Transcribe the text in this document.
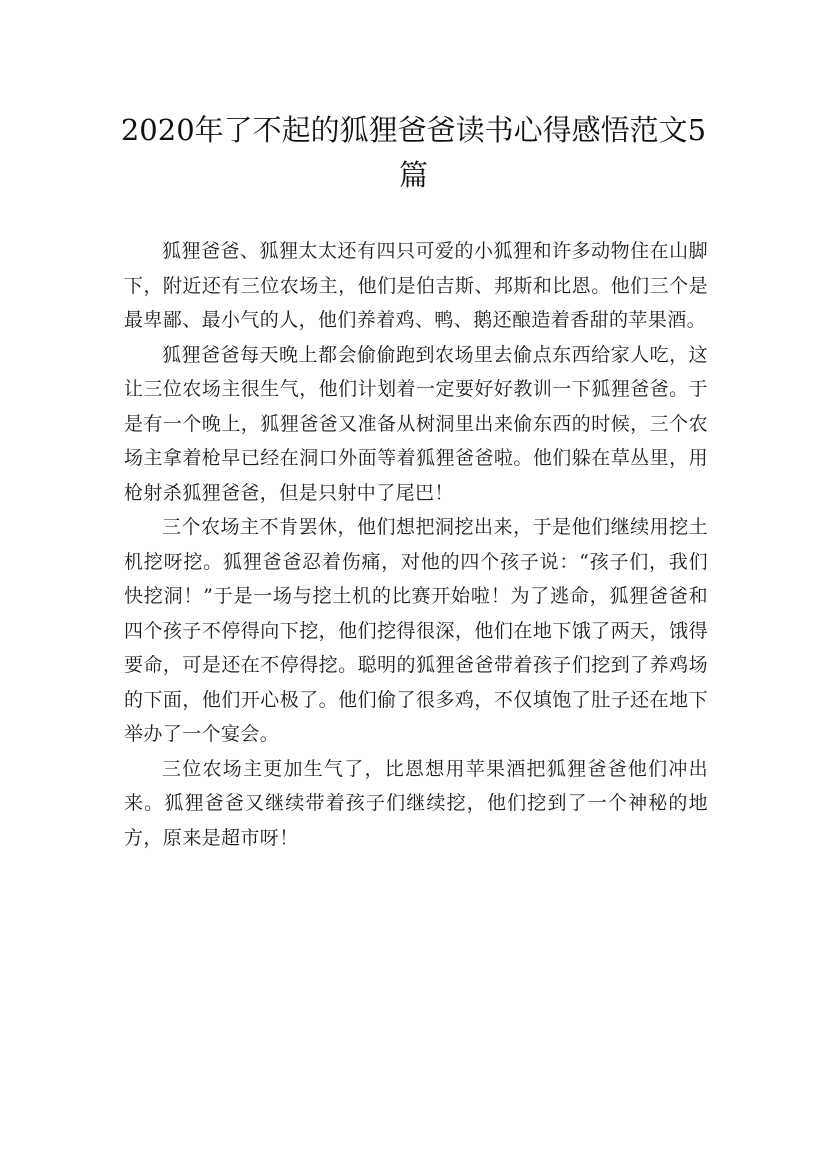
2020年了不起的狐狸爸爸读书心得感悟范文5篇

狐狸爸爸、狐狸太太还有四只可爱的小狐狸和许多动物住在山脚下，附近还有三位农场主，他们是伯吉斯、邦斯和比恩。他们三个是最卑鄙、最小气的人，他们养着鸡、鸭、鹅还酿造着香甜的苹果酒。

狐狸爸爸每天晚上都会偷偷跑到农场里去偷点东西给家人吃，这让三位农场主很生气，他们计划着一定要好好教训一下狐狸爸爸。于是有一个晚上，狐狸爸爸又准备从树洞里出来偷东西的时候，三个农场主拿着枪早已经在洞口外面等着狐狸爸爸啦。他们躲在草丛里，用枪射杀狐狸爸爸，但是只射中了尾巴！

三个农场主不肯罢休，他们想把洞挖出来，于是他们继续用挖土机挖呀挖。狐狸爸爸忍着伤痛，对他的四个孩子说：“孩子们，我们快挖洞！”于是一场与挖土机的比赛开始啦！为了逃命，狐狸爸爸和四个孩子不停得向下挖，他们挖得很深，他们在地下饿了两天，饿得要命，可是还在不停得挖。聪明的狐狸爸爸带着孩子们挖到了养鸡场的下面，他们开心极了。他们偷了很多鸡，不仅填饱了肚子还在地下举办了一个宴会。

三位农场主更加生气了，比恩想用苹果酒把狐狸爸爸他们冲出来。狐狸爸爸又继续带着孩子们继续挖，他们挖到了一个神秘的地方，原来是超市呀！
